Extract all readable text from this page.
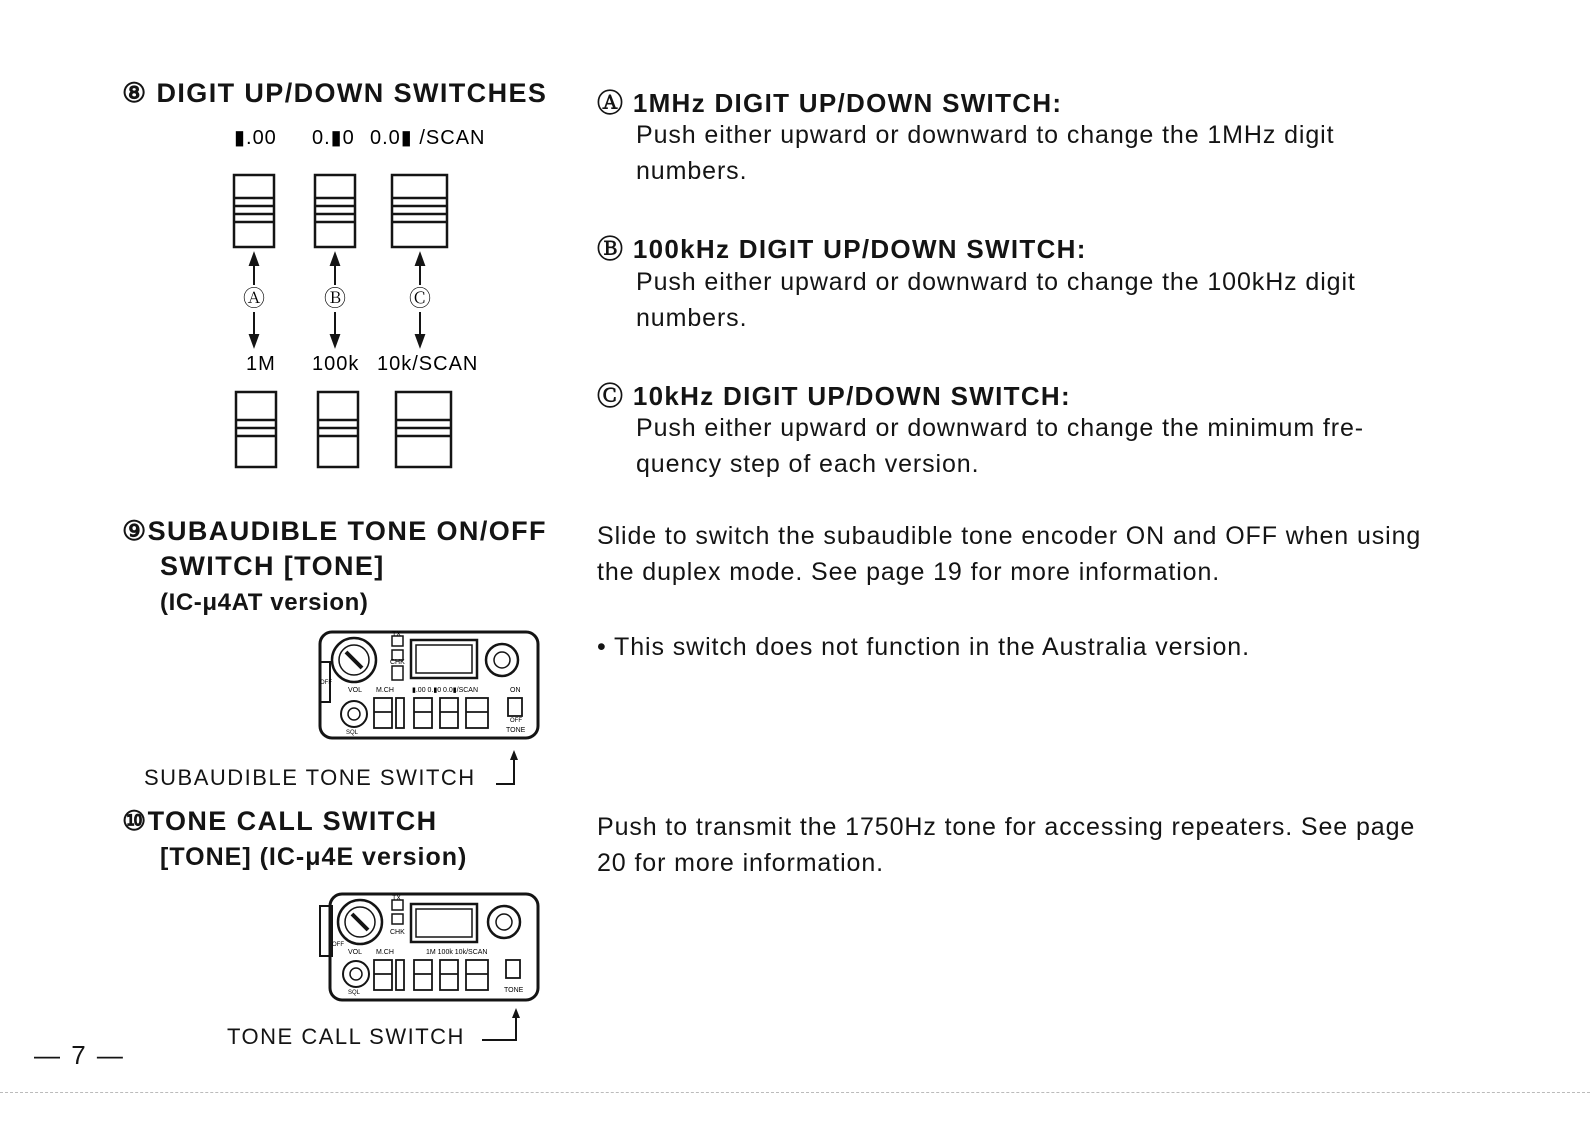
⑧ DIGIT UP/DOWN SWITCHES
▮.00 0.▮0 0.0▮ /SCAN
Ⓐ	Ⓑ	Ⓒ
1M 100k 10k/SCAN
Ⓐ 1MHz DIGIT UP/DOWN SWITCH:
Push either upward or downward to change the 1MHz digit numbers.
Ⓑ 100kHz DIGIT UP/DOWN SWITCH:
Push either upward or downward to change the 100kHz digit numbers.
Ⓒ 10kHz DIGIT UP/DOWN SWITCH:
Push either upward or downward to change the minimum fre- quency step of each version.
⑨SUBAUDIBLE TONE ON/OFF
SWITCH [TONE]
(IC-μ4AT version)
Slide to switch the subaudible tone encoder ON and OFF when using the duplex mode. See page 19 for more information.
• This switch does not function in the Australia version.
TX
CHK
OFF
VOL M.CH	▮.00 0.▮0 0.0▮/SCAN	ON
OFF
TONE
SQL
SUBAUDIBLE TONE SWITCH
⑩TONE CALL SWITCH
[TONE] (IC-μ4E version)
Push to transmit the 1750Hz tone for accessing repeaters. See page 20 for more information.
TX
CHK
OFF
VOL M.CH	1M 100k 10k/SCAN
TONE
SQL
TONE CALL SWITCH
— 7 —
